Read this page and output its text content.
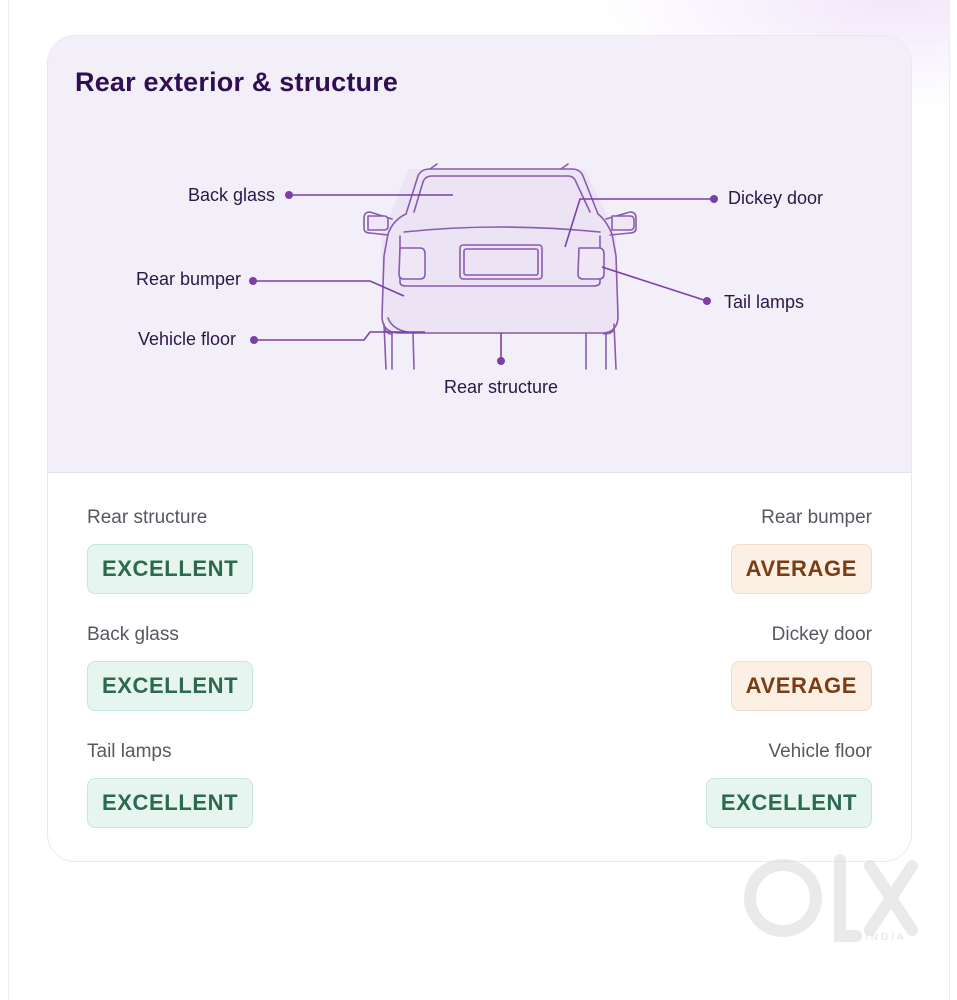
Rear exterior & structure
Back glass
Rear bumper
Vehicle floor
Dickey door
Tail lamps
Rear structure
Rear structure
EXCELLENT
Rear bumper
AVERAGE
Back glass
EXCELLENT
Dickey door
AVERAGE
Tail lamps
EXCELLENT
Vehicle floor
EXCELLENT
INDIA
